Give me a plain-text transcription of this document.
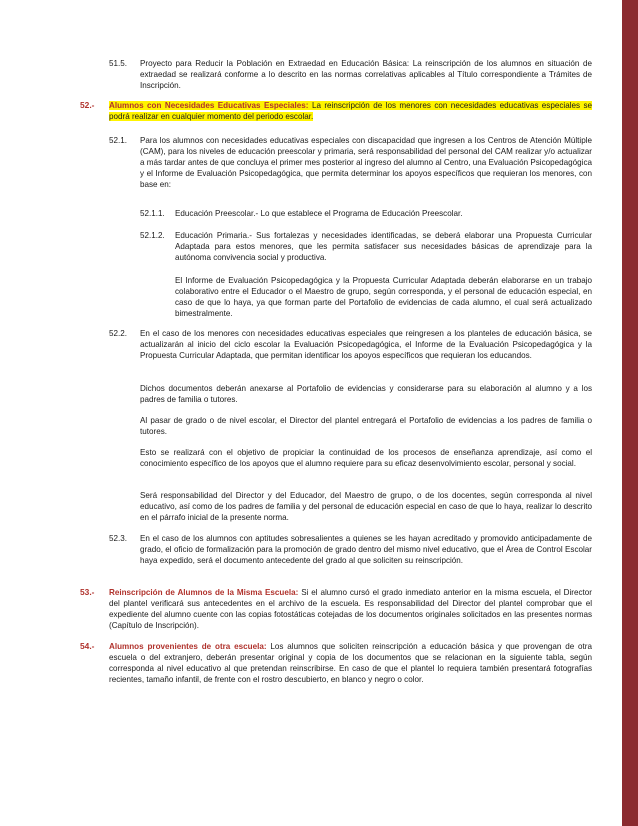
51.5. Proyecto para Reducir la Población en Extraedad en Educación Básica: La reinscripción de los alumnos en situación de extraedad se realizará conforme a lo descrito en las normas correlativas aplicables al Título correspondiente a Trámites de Inscripción.

52.- Alumnos con Necesidades Educativas Especiales: La reinscripción de los menores con necesidades educativas especiales se podrá realizar en cualquier momento del periodo escolar.

52.1. Para los alumnos con necesidades educativas especiales con discapacidad que ingresen a los Centros de Atención Múltiple (CAM), para los niveles de educación preescolar y primaria, será responsabilidad del personal del CAM realizar y/o actualizar a más tardar antes de que concluya el primer mes posterior al ingreso del alumno al Centro, una Evaluación Psicopedagógica y el Informe de Evaluación Psicopedagógica, que permita determinar los apoyos específicos que requieran los menores, con base en:

52.1.1. Educación Preescolar.- Lo que establece el Programa de Educación Preescolar.

52.1.2. Educación Primaria.- Sus fortalezas y necesidades identificadas, se deberá elaborar una Propuesta Curricular Adaptada para estos menores, que les permita satisfacer sus necesidades básicas de aprendizaje para la autónoma convivencia social y productiva.

El Informe de Evaluación Psicopedagógica y la Propuesta Curricular Adaptada deberán elaborarse en un trabajo colaborativo entre el Educador o el Maestro de grupo, según corresponda, y el personal de educación especial, en caso de que lo haya, ya que forman parte del Portafolio de evidencias de cada alumno, el cual será actualizado bimestralmente.

52.2. En el caso de los menores con necesidades educativas especiales que reingresen a los planteles de educación básica, se actualizarán al inicio del ciclo escolar la Evaluación Psicopedagógica, el Informe de la Evaluación Psicopedagógica y la Propuesta Curricular Adaptada, que permitan identificar los apoyos específicos que requieran los educandos.

Dichos documentos deberán anexarse al Portafolio de evidencias y considerarse para su elaboración al alumno y a los padres de familia o tutores.

Al pasar de grado o de nivel escolar, el Director del plantel entregará el Portafolio de evidencias a los padres de familia o tutores.

Esto se realizará con el objetivo de propiciar la continuidad de los procesos de enseñanza aprendizaje, así como el conocimiento específico de los apoyos que el alumno requiere para su eficaz desenvolvimiento escolar, personal y social.

Será responsabilidad del Director y del Educador, del Maestro de grupo, o de los docentes, según corresponda al nivel educativo, así como de los padres de familia y del personal de educación especial en caso de que lo haya, realizar lo descrito en el párrafo inicial de la presente norma.

52.3. En el caso de los alumnos con aptitudes sobresalientes a quienes se les hayan acreditado y promovido anticipadamente de grado, el oficio de formalización para la promoción de grado dentro del mismo nivel educativo, que el Área de Control Escolar haya expedido, será el documento antecedente del grado al que soliciten su reinscripción.

53.- Reinscripción de Alumnos de la Misma Escuela: Si el alumno cursó el grado inmediato anterior en la misma escuela, el Director del plantel verificará sus antecedentes en el archivo de la escuela. Es responsabilidad del Director del plantel comprobar que el expediente del alumno cuente con las copias fotostáticas cotejadas de los documentos originales solicitados en las presentes normas (Capítulo de Inscripción).

54.- Alumnos provenientes de otra escuela: Los alumnos que soliciten reinscripción a educación básica y que provengan de otra escuela o del extranjero, deberán presentar original y copia de los documentos que se relacionan en la siguiente tabla, según corresponda al nivel educativo al que pretendan reinscribirse. En caso de que el plantel lo requiera también presentará fotografías recientes, tamaño infantil, de frente con el rostro descubierto, en blanco y negro o color.
